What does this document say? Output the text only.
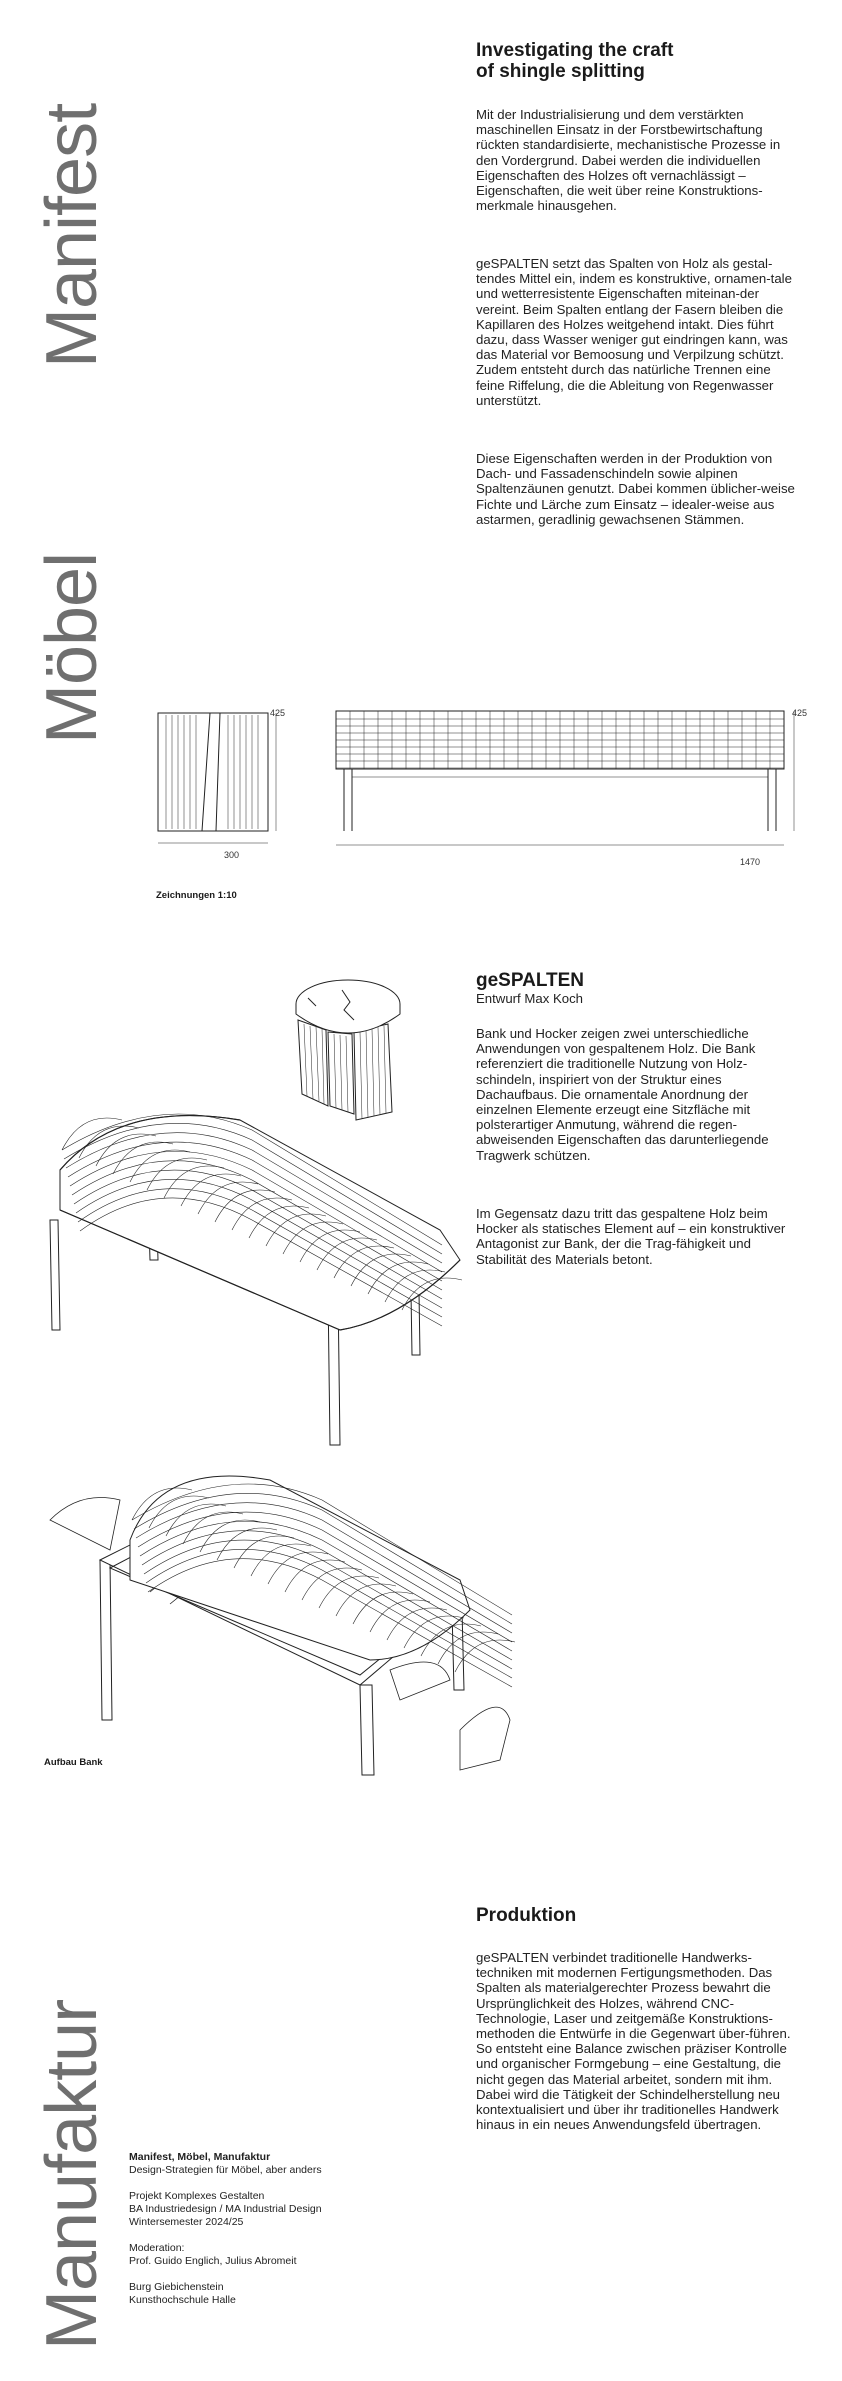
Manifest
Möbel
Manufaktur
Investigating the craft
of shingle splitting

Mit der Industrialisierung und dem verstärkten maschinellen Einsatz in der Forstbewirtschaftung rückten standardisierte, mechanistische Prozesse in den Vordergrund. Dabei werden die individuellen Eigenschaften des Holzes oft vernachlässigt – Eigenschaften, die weit über reine Konstruktions-merkmale hinausgehen.

geSPALTEN setzt das Spalten von Holz als gestal-tendes Mittel ein, indem es konstruktive, ornamen-tale und wetterresistente Eigenschaften miteinan-der vereint. Beim Spalten entlang der Fasern bleiben die Kapillaren des Holzes weitgehend intakt. Dies führt dazu, dass Wasser weniger gut eindringen kann, was das Material vor Bemoosung und Verpilzung schützt. Zudem entsteht durch das natürliche Trennen eine feine Riffelung, die die Ableitung von Regenwasser unterstützt.

Diese Eigenschaften werden in der Produktion von Dach- und Fassadenschindeln sowie alpinen Spaltenzäunen genutzt. Dabei kommen üblicher-weise Fichte und Lärche zum Einsatz – idealer-weise aus astarmen, geradlinig gewachsenen Stämmen.

425
300
425
1470
Zeichnungen 1:10
geSPALTEN
Entwurf Max Koch

Bank und Hocker zeigen zwei unterschiedliche Anwendungen von gespaltenem Holz. Die Bank referenziert die traditionelle Nutzung von Holz-schindeln, inspiriert von der Struktur eines Dachaufbaus. Die ornamentale Anordnung der einzelnen Elemente erzeugt eine Sitzfläche mit polsterartiger Anmutung, während die regen-abweisenden Eigenschaften das darunterliegende Tragwerk schützen.

Im Gegensatz dazu tritt das gespaltene Holz beim Hocker als statisches Element auf – ein konstruktiver Antagonist zur Bank, der die Trag-fähigkeit und Stabilität des Materials betont.

Aufbau Bank
Produktion

geSPALTEN verbindet traditionelle Handwerks-techniken mit modernen Fertigungsmethoden. Das Spalten als materialgerechter Prozess bewahrt die Ursprünglichkeit des Holzes, während CNC-Technologie, Laser und zeitgemäße Konstruktions-methoden die Entwürfe in die Gegenwart über-führen. So entsteht eine Balance zwischen präziser Kontrolle und organischer Formgebung – eine Gestaltung, die nicht gegen das Material arbeitet, sondern mit ihm. Dabei wird die Tätigkeit der Schindelherstellung neu kontextualisiert und über ihr traditionelles Handwerk hinaus in ein neues Anwendungsfeld übertragen.

Manifest, Möbel, Manufaktur
Design-Strategien für Möbel, aber anders

Projekt Komplexes Gestalten
BA Industriedesign / MA Industrial Design
Wintersemester 2024/25

Moderation:
Prof. Guido Englich, Julius Abromeit

Burg Giebichenstein
Kunsthochschule Halle
